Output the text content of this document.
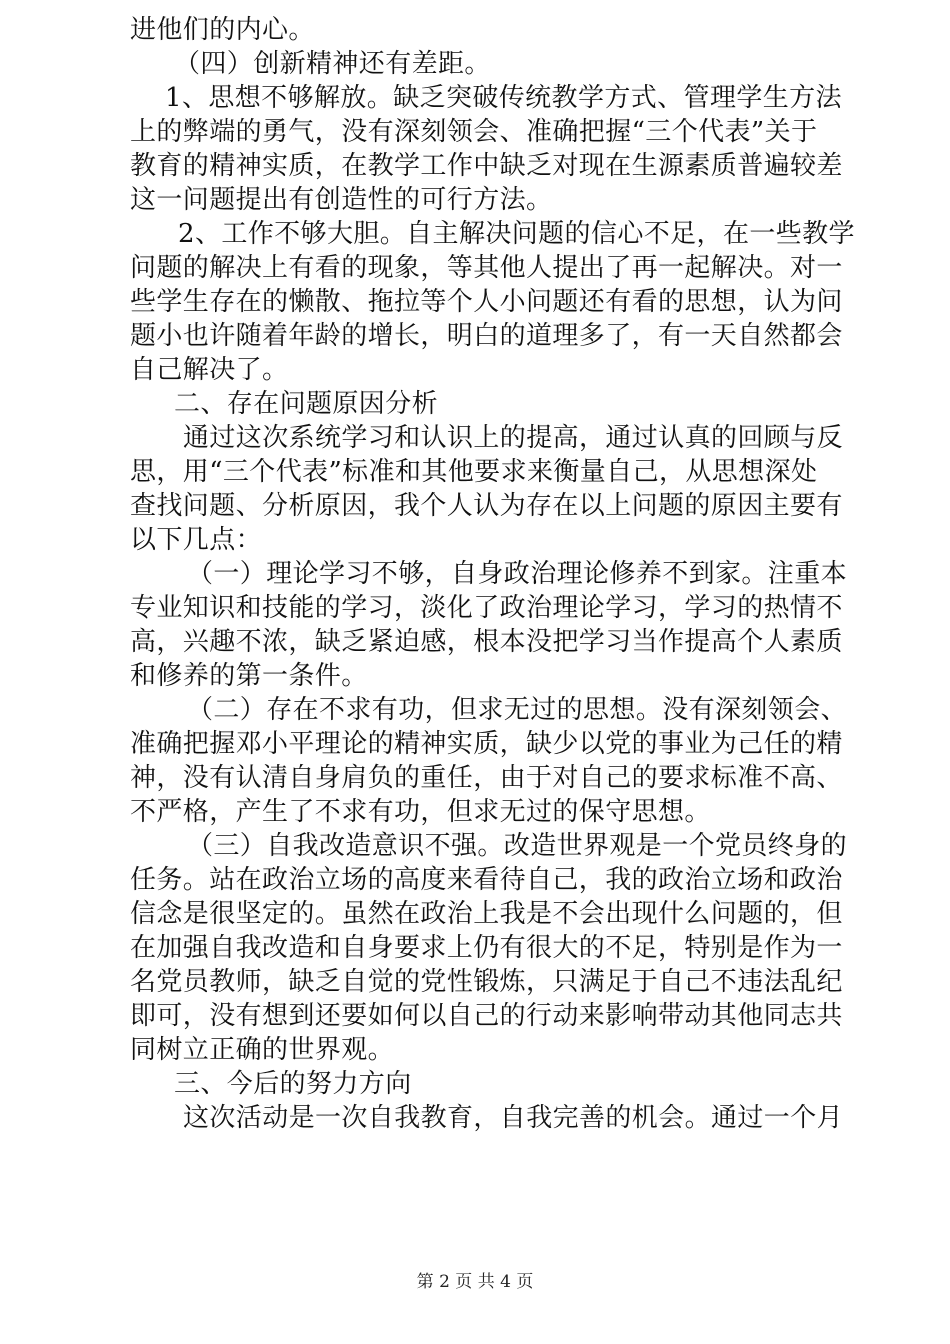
进他们的内心。
（四）创新精神还有差距。
1、思想不够解放。缺乏突破传统教学方式、管理学生方法
上的弊端的勇气，没有深刻领会、准确把握“三个代表”关于
教育的精神实质，在教学工作中缺乏对现在生源素质普遍较差
这一问题提出有创造性的可行方法。
2、工作不够大胆。自主解决问题的信心不足，在一些教学
问题的解决上有看的现象，等其他人提出了再一起解决。对一
些学生存在的懒散、拖拉等个人小问题还有看的思想，认为问
题小也许随着年龄的增长，明白的道理多了，有一天自然都会
自己解决了。
二、存在问题原因分析
通过这次系统学习和认识上的提高，通过认真的回顾与反
思，用“三个代表”标准和其他要求来衡量自己，从思想深处
查找问题、分析原因，我个人认为存在以上问题的原因主要有
以下几点：
（一）理论学习不够，自身政治理论修养不到家。注重本
专业知识和技能的学习，淡化了政治理论学习，学习的热情不
高，兴趣不浓，缺乏紧迫感，根本没把学习当作提高个人素质
和修养的第一条件。
（二）存在不求有功，但求无过的思想。没有深刻领会、
准确把握邓小平理论的精神实质，缺少以党的事业为己任的精
神，没有认清自身肩负的重任，由于对自己的要求标准不高、
不严格，产生了不求有功，但求无过的保守思想。
（三）自我改造意识不强。改造世界观是一个党员终身的
任务。站在政治立场的高度来看待自己，我的政治立场和政治
信念是很坚定的。虽然在政治上我是不会出现什么问题的，但
在加强自我改造和自身要求上仍有很大的不足，特别是作为一
名党员教师，缺乏自觉的党性锻炼，只满足于自己不违法乱纪
即可，没有想到还要如何以自己的行动来影响带动其他同志共
同树立正确的世界观。
三、今后的努力方向
这次活动是一次自我教育，自我完善的机会。通过一个月
第 2 页 共 4 页
